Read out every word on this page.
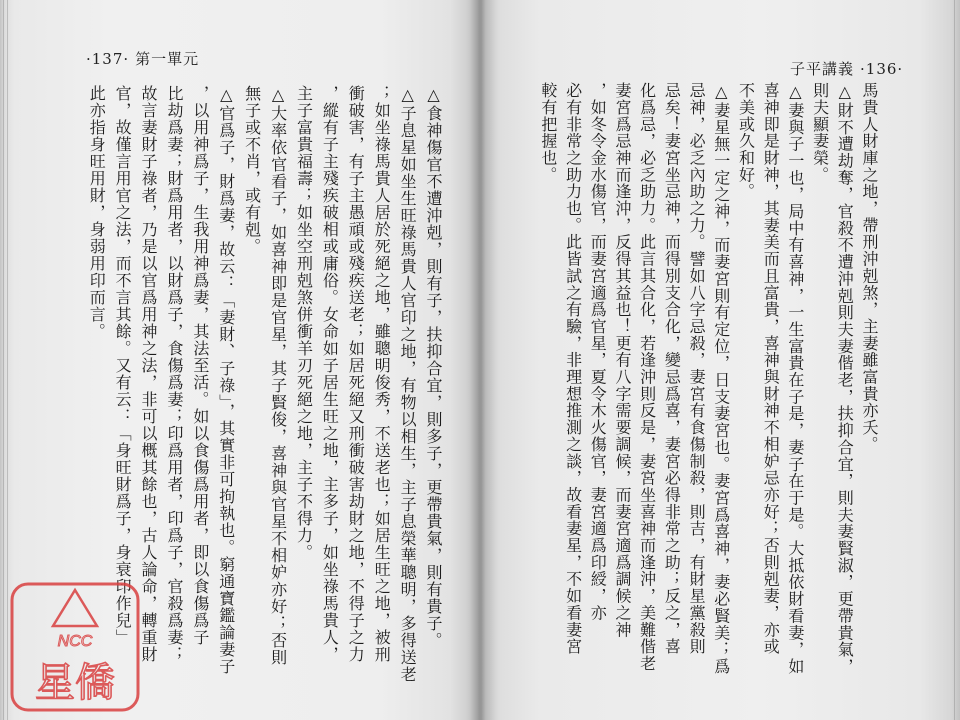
·137· 第一單元
△食神傷官不遭沖剋，則有子，扶抑合宜，則多子，更帶貴氣，則有貴子。
△子息星如坐生旺祿馬貴人官印之地，有物以相生，主子息榮華聰明，多得送老
；如坐祿馬貴人居於死絕之地，雖聰明俊秀，不送老也；如居生旺之地，被刑
衝破害，有子主愚頑或殘疾送老；如居死絕又刑衝破害劫財之地，不得子之力
，縱有子主殘疾破相或庸俗。女命如子居生旺之地，主多子，如坐祿馬貴人，
主子富貴福壽；如坐空刑剋煞併衝羊刃死絕之地，主子不得力。
△大率依官看子，如喜神即是官星，其子賢俊，喜神與官星不相妒亦好；否則
無子或不肖，或有剋。
△官爲子，財爲妻，故云：「妻財、子祿」，其實非可拘執也。窮通寶鑑論妻子
，以用神爲子，生我用神爲妻，其法至活。如以食傷爲用者，即以食傷爲子
比劫爲妻；財爲用者，以財爲子，食傷爲妻；印爲用者，印爲子，官殺爲妻；
故言妻財子祿者，乃是以官爲用神之法，非可以概其餘也，古人論命，轉重財
官，故僅言用官之法，而不言其餘。又有云：「身旺財爲子，身衰印作兒」
此亦指身旺用財，身弱用印而言。
子平講義 ·136·
馬貴人財庫之地，帶刑沖剋煞，主妻雖富貴亦夭。
△財不遭劫奪，官殺不遭沖剋則夫妻偕老，扶抑合宜，則夫妻賢淑，更帶貴氣，
則夫顯妻榮。
△妻與子一也，局中有喜神，一生富貴在子是，妻子在于是。大抵依財看妻，如
喜神即是財神，其妻美而且富貴，喜神與財神不相妒忌亦好；否則剋妻，亦或
不美或久和好。
△妻星無一定之神，而妻宮則有定位，日支妻宮也。妻宮爲喜神，妻必賢美；爲
忌神，必乏內助之力。譬如八字忌殺，妻宮有食傷制殺，則吉，有財星黨殺則
忌矣！妻宮坐忌神，而得別支合化，變忌爲喜，妻宮必得非常之助；反之，喜
化爲忌，必乏助力。此言其合化，若逢沖則反是，妻宮坐喜神而逢沖，美難偕老
妻宮爲忌神而逢沖，反得其益也！更有八字需要調候，而妻宮適爲調候之神
，如冬令金水傷官，而妻宮適爲官星，夏令木火傷官，妻宮適爲印綬，亦
必有非常之助力也。此皆試之有驗，非理想推測之談，故看妻星，不如看妻宮
較有把握也。
NCC
星僑
